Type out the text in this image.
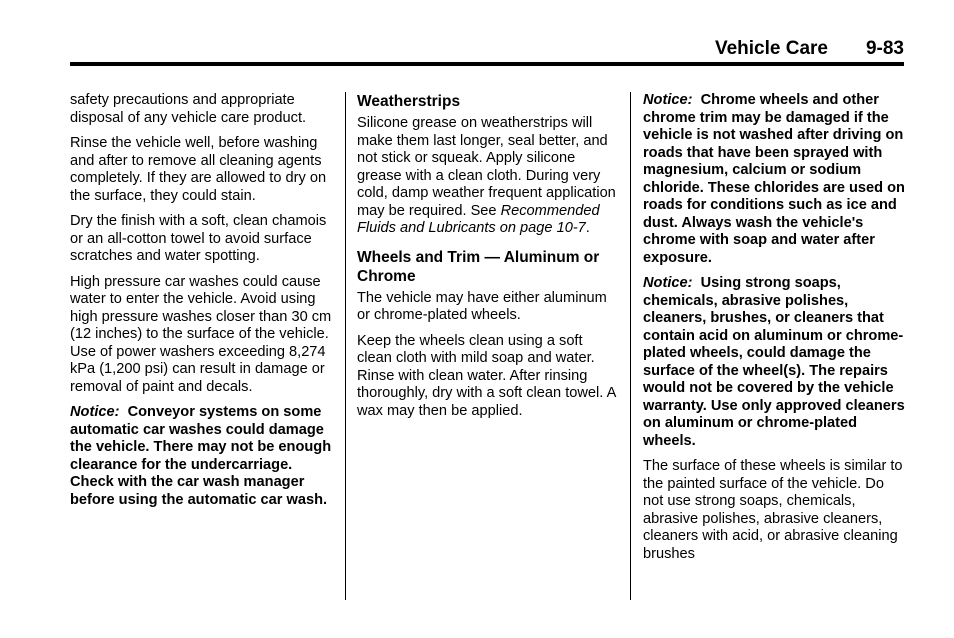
Vehicle Care 9-83

safety precautions and appropriate disposal of any vehicle care product.

Rinse the vehicle well, before washing and after to remove all cleaning agents completely. If they are allowed to dry on the surface, they could stain.

Dry the finish with a soft, clean chamois or an all-cotton towel to avoid surface scratches and water spotting.

High pressure car washes could cause water to enter the vehicle. Avoid using high pressure washes closer than 30 cm (12 inches) to the surface of the vehicle. Use of power washers exceeding 8,274 kPa (1,200 psi) can result in damage or removal of paint and decals.

Notice: Conveyor systems on some automatic car washes could damage the vehicle. There may not be enough clearance for the undercarriage. Check with the car wash manager before using the automatic car wash.

Weatherstrips

Silicone grease on weatherstrips will make them last longer, seal better, and not stick or squeak. Apply silicone grease with a clean cloth. During very cold, damp weather frequent application may be required. See Recommended Fluids and Lubricants on page 10-7.

Wheels and Trim — Aluminum or Chrome

The vehicle may have either aluminum or chrome-plated wheels.

Keep the wheels clean using a soft clean cloth with mild soap and water. Rinse with clean water. After rinsing thoroughly, dry with a soft clean towel. A wax may then be applied.

Notice: Chrome wheels and other chrome trim may be damaged if the vehicle is not washed after driving on roads that have been sprayed with magnesium, calcium or sodium chloride. These chlorides are used on roads for conditions such as ice and dust. Always wash the vehicle's chrome with soap and water after exposure.

Notice: Using strong soaps, chemicals, abrasive polishes, cleaners, brushes, or cleaners that contain acid on aluminum or chrome-plated wheels, could damage the surface of the wheel(s). The repairs would not be covered by the vehicle warranty. Use only approved cleaners on aluminum or chrome-plated wheels.

The surface of these wheels is similar to the painted surface of the vehicle. Do not use strong soaps, chemicals, abrasive polishes, abrasive cleaners, cleaners with acid, or abrasive cleaning brushes
